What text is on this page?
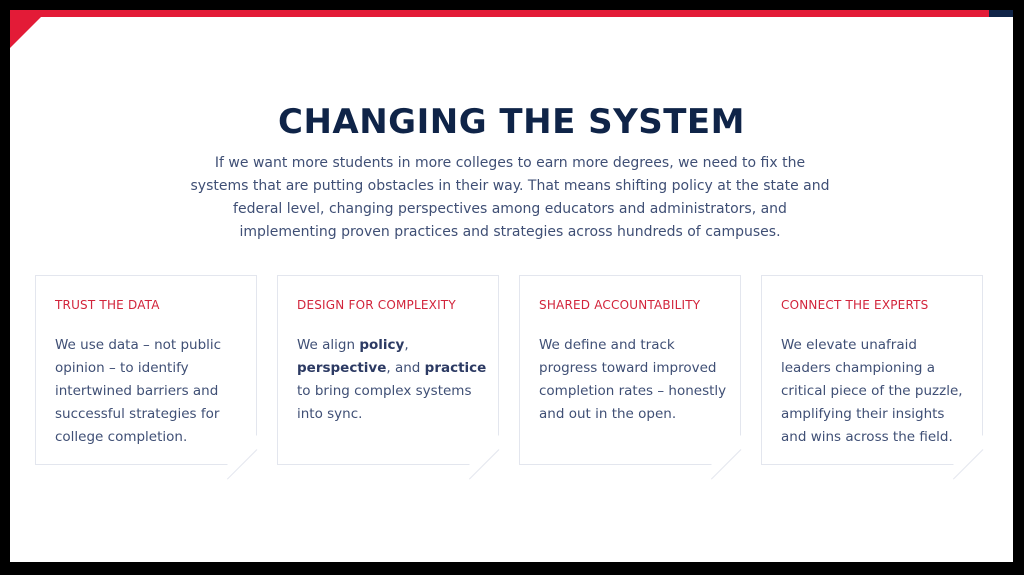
CHANGING THE SYSTEM

If we want more students in more colleges to earn more degrees, we need to fix the systems that are putting obstacles in their way. That means shifting policy at the state and federal level, changing perspectives among educators and administrators, and implementing proven practices and strategies across hundreds of campuses.

TRUST THE DATA
We use data – not public opinion – to identify intertwined barriers and successful strategies for college completion.
DESIGN FOR COMPLEXITY
We align policy, perspective, and practice to bring complex systems into sync.
SHARED ACCOUNTABILITY
We define and track progress toward improved completion rates – honestly and out in the open.
CONNECT THE EXPERTS
We elevate unafraid leaders championing a critical piece of the puzzle, amplifying their insights and wins across the field.
